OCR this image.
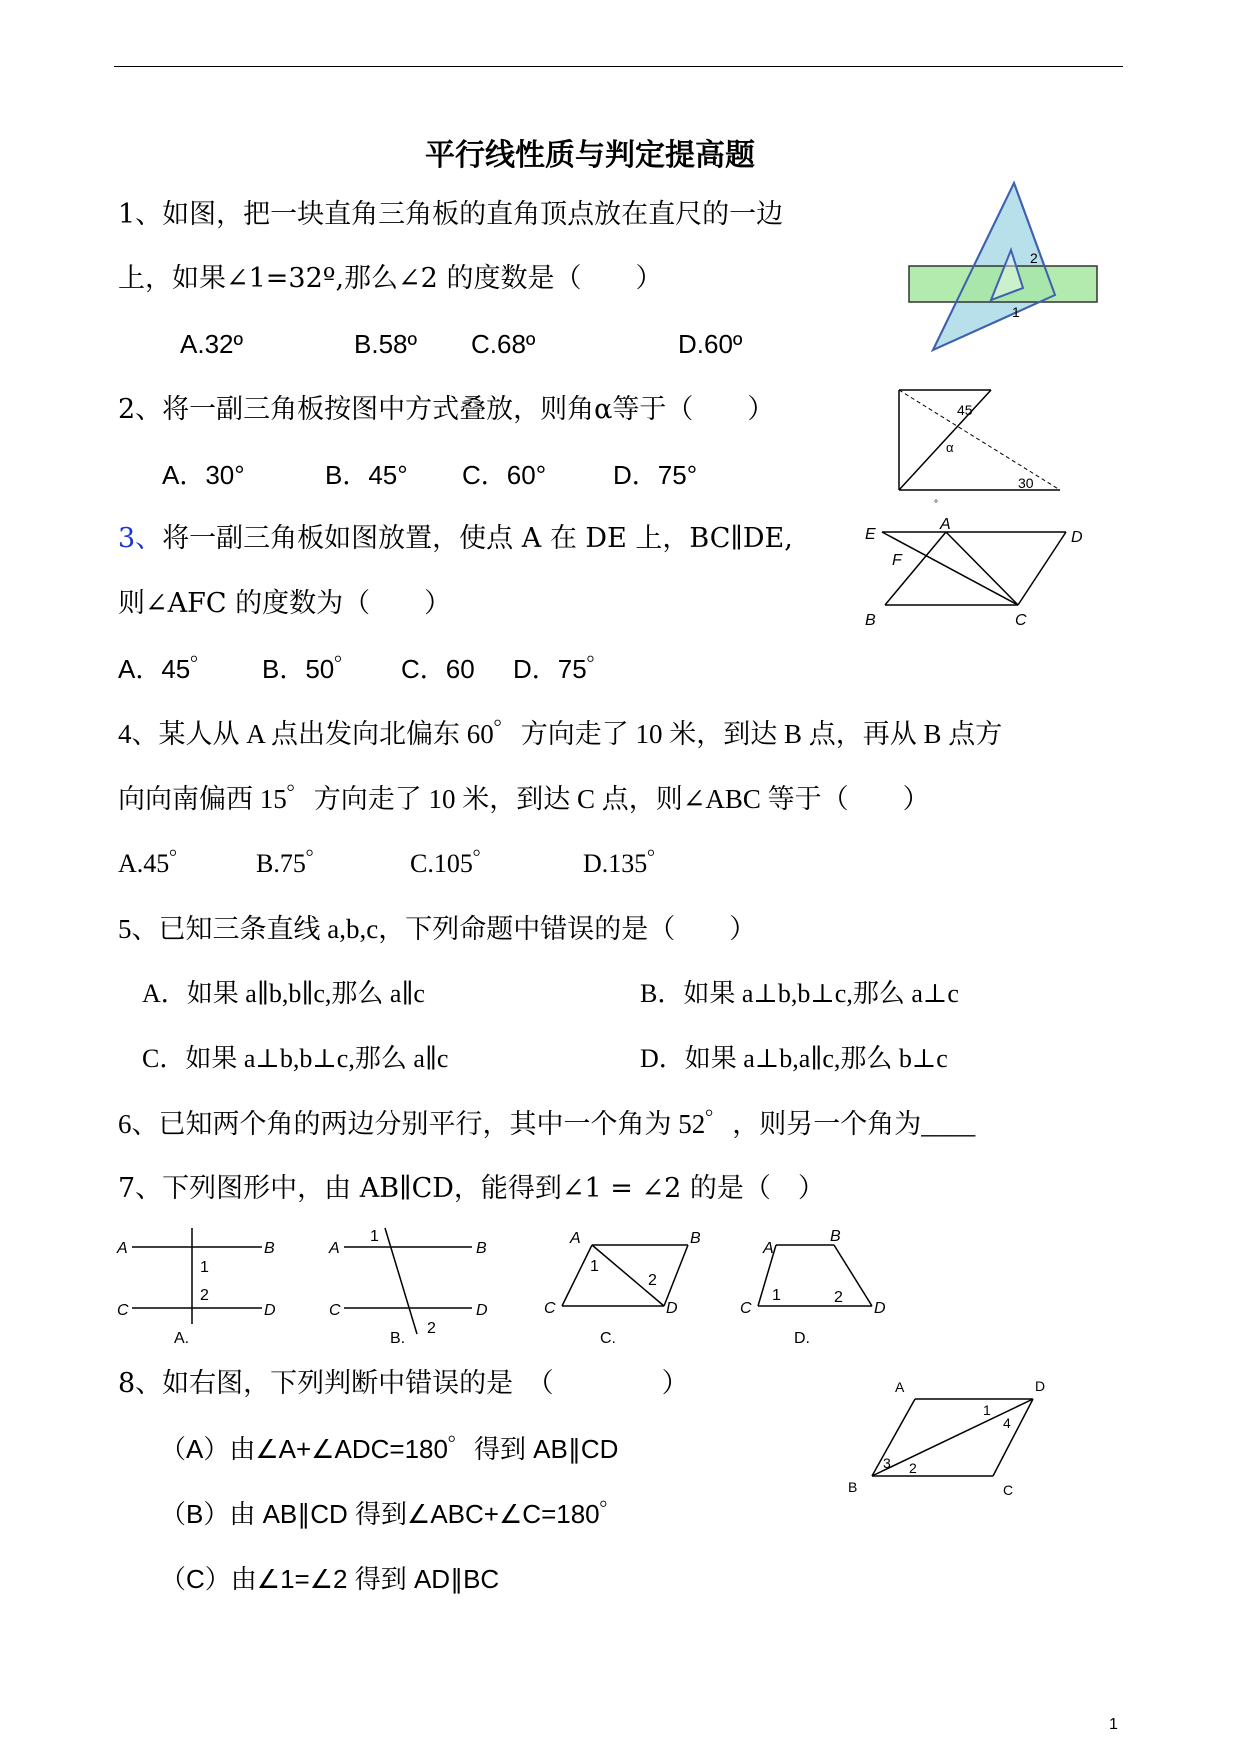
平行线性质与判定提高题
1、如图，把一块直角三角板的直角顶点放在直尺的一边
上，如果∠1=32º,那么∠2 的度数是（　　）
A.32º	B.58º C.68º	D.60º
2
1
2、将一副三角板按图中方式叠放，则角α等于（　　）
A．30°	B．45° C．60°	D．75°
45
α
30
°
3、将一副三角板如图放置，使点 A 在 DE 上，BC∥DE,
则∠AFC 的度数为（　　）
A．45゜ B．50゜ C．60 D．75゜
E
A
D
F
B	C
4、某人从 A 点出发向北偏东 60゜方向走了 10 米，到达 B 点，再从 B 点方
向向南偏西 15゜方向走了 10 米，到达 C 点，则∠ABC 等于（　　）
A.45゜ B.75゜	C.105゜	D.135゜
5、已知三条直线 a,b,c，下列命题中错误的是（　　）
A．如果 a∥b,b∥c,那么 a∥c	B．如果 a⊥b,b⊥c,那么 a⊥c
C．如果 a⊥b,b⊥c,那么 a∥c	D．如果 a⊥b,a∥c,那么 b⊥c
6、已知两个角的两边分别平行，其中一个角为 52゜，则另一个角为____
7、下列图形中，由 AB∥CD，能得到∠1 = ∠2 的是（　）
A	B
1
C
2
D
A.
A
1
B
C	D
2
B.
A	B
1
2
C	D
C.
A
B
1	2
C	D
D.
8、如右图，下列判断中错误的是　（　　　　）
（A）由∠A+∠ADC=180゜得到 AB∥CD
（B）由 AB∥CD 得到∠ABC+∠C=180゜
（C）由∠1=∠2 得到 AD∥BC
A	D
1
4
3 2
B	C
1
